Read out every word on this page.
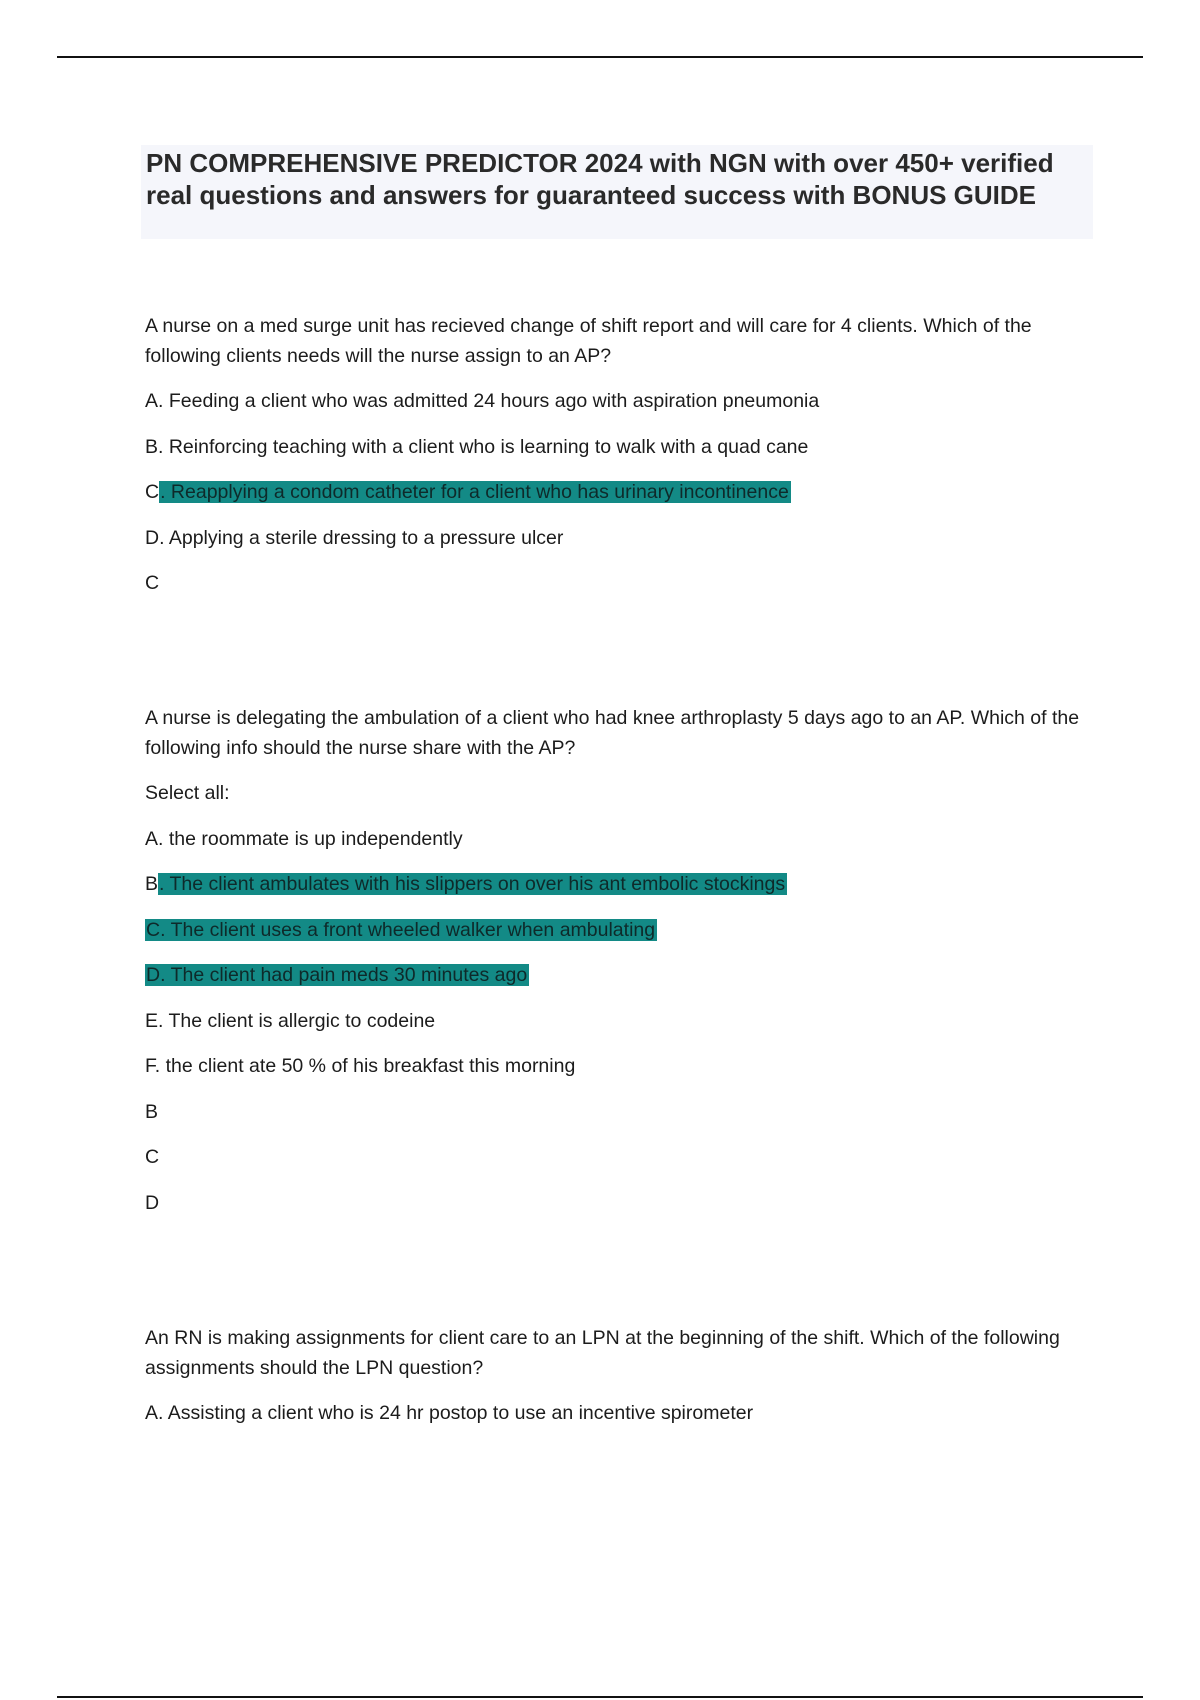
PN COMPREHENSIVE PREDICTOR 2024 with NGN with over 450+ verified real questions and answers for guaranteed success with BONUS GUIDE
A nurse on a med surge unit has recieved change of shift report and will care for 4 clients. Which of the following clients needs will the nurse assign to an AP?
A. Feeding a client who was admitted 24 hours ago with aspiration pneumonia
B. Reinforcing teaching with a client who is learning to walk with a quad cane
C. Reapplying a condom catheter for a client who has urinary incontinence
D. Applying a sterile dressing to a pressure ulcer
C
A nurse is delegating the ambulation of a client who had knee arthroplasty 5 days ago to an AP. Which of the following info should the nurse share with the AP?
Select all:
A. the roommate is up independently
B. The client ambulates with his slippers on over his ant embolic stockings
C. The client uses a front wheeled walker when ambulating
D. The client had pain meds 30 minutes ago
E. The client is allergic to codeine
F. the client ate 50 % of his breakfast this morning
B
C
D
An RN is making assignments for client care to an LPN at the beginning of the shift. Which of the following assignments should the LPN question?
A. Assisting a client who is 24 hr postop to use an incentive spirometer
